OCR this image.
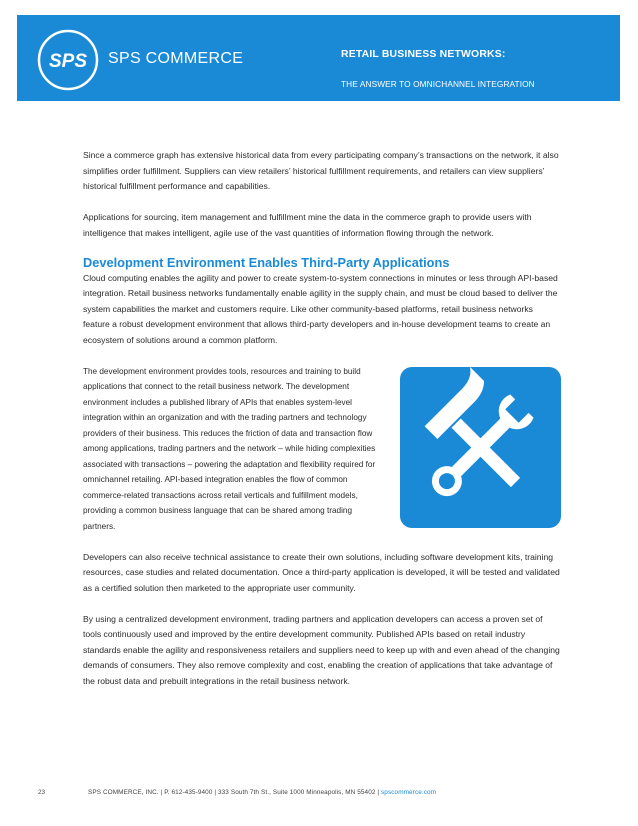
SPS SPS COMMERCE	RETAIL BUSINESS NETWORKS:
THE ANSWER TO OMNICHANNEL INTEGRATION

Since a commerce graph has extensive historical data from every participating company’s transactions on the network, it also simplifies order fulfillment. Suppliers can view retailers’ historical fulfillment requirements, and retailers can view suppliers’ historical fulfillment performance and capabilities.

Applications for sourcing, item management and fulfillment mine the data in the commerce graph to provide users with intelligence that makes intelligent, agile use of the vast quantities of information flowing through the network.

Development Environment Enables Third-Party Applications

Cloud computing enables the agility and power to create system-to-system connections in minutes or less through API-based integration. Retail business networks fundamentally enable agility in the supply chain, and must be cloud based to deliver the system capabilities the market and customers require. Like other community-based platforms, retail business networks feature a robust development environment that allows third-party developers and in-house development teams to create an ecosystem of solutions around a common platform.

The development environment provides tools, resources and training to build applications that connect to the retail business network. The development environment includes a published library of APIs that enables system-level integration within an organization and with the trading partners and technology providers of their business. This reduces the friction of data and transaction flow among applications, trading partners and the network – while hiding complexities associated with transactions – powering the adaptation and flexibility required for omnichannel retailing. API-based integration enables the flow of common commerce-related transactions across retail verticals and fulfillment models, providing a common business language that can be shared among trading partners.

Developers can also receive technical assistance to create their own solutions, including software development kits, training resources, case studies and related documentation. Once a third-party application is developed, it will be tested and validated as a certified solution then marketed to the appropriate user community.

By using a centralized development environment, trading partners and application developers can access a proven set of tools continuously used and improved by the entire development community. Published APIs based on retail industry standards enable the agility and responsiveness retailers and suppliers need to keep up with and even ahead of the changing demands of consumers. They also remove complexity and cost, enabling the creation of applications that take advantage of the robust data and prebuilt integrations in the retail business network.

23	SPS COMMERCE, INC. | P. 612-435-9400 | 333 South 7th St., Suite 1000 Minneapolis, MN 55402 | spscommerce.com
